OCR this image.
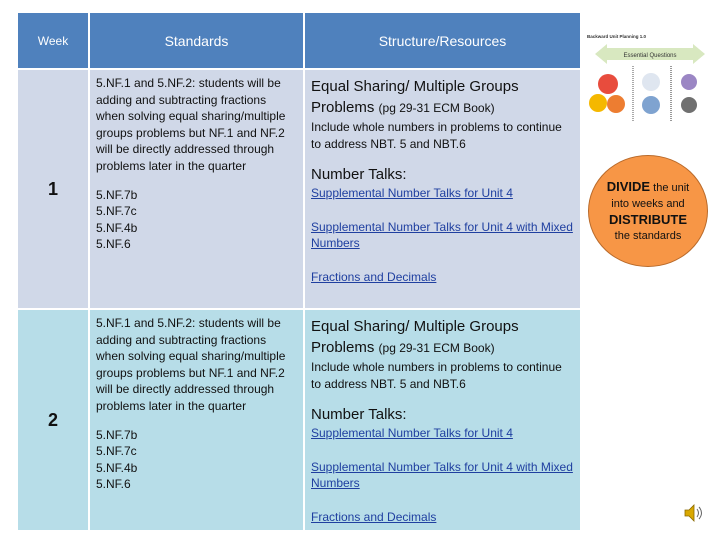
Week	Standards	Structure/Resources
1

5.NF.1 and 5.NF.2: students will be adding and subtracting fractions when solving equal sharing/multiple groups problems but NF.1 and NF.2 will be directly addressed through problems later in the quarter

5.NF.7b
5.NF.7c
5.NF.4b
5.NF.6
Equal Sharing/ Multiple Groups Problems (pg 29-31 ECM Book)
Include whole numbers in problems to continue to address NBT. 5 and NBT.6
Number Talks:
Supplemental Number Talks for Unit 4
Supplemental Number Talks for Unit 4 with Mixed Numbers
Fractions and Decimals
2

5.NF.1 and 5.NF.2: students will be adding and subtracting fractions when solving equal sharing/multiple groups problems but NF.1 and NF.2 will be directly addressed through problems later in the quarter

5.NF.7b
5.NF.7c
5.NF.4b
5.NF.6
Equal Sharing/ Multiple Groups Problems (pg 29-31 ECM Book)
Include whole numbers in problems to continue to address NBT. 5 and NBT.6
Number Talks:
Supplemental Number Talks for Unit 4
Supplemental Number Talks for Unit 4 with Mixed Numbers
Fractions and Decimals
Backward Unit Planning 1.0
Essential Questions
DIVIDE the unit
into weeks and
DISTRIBUTE
the standards
